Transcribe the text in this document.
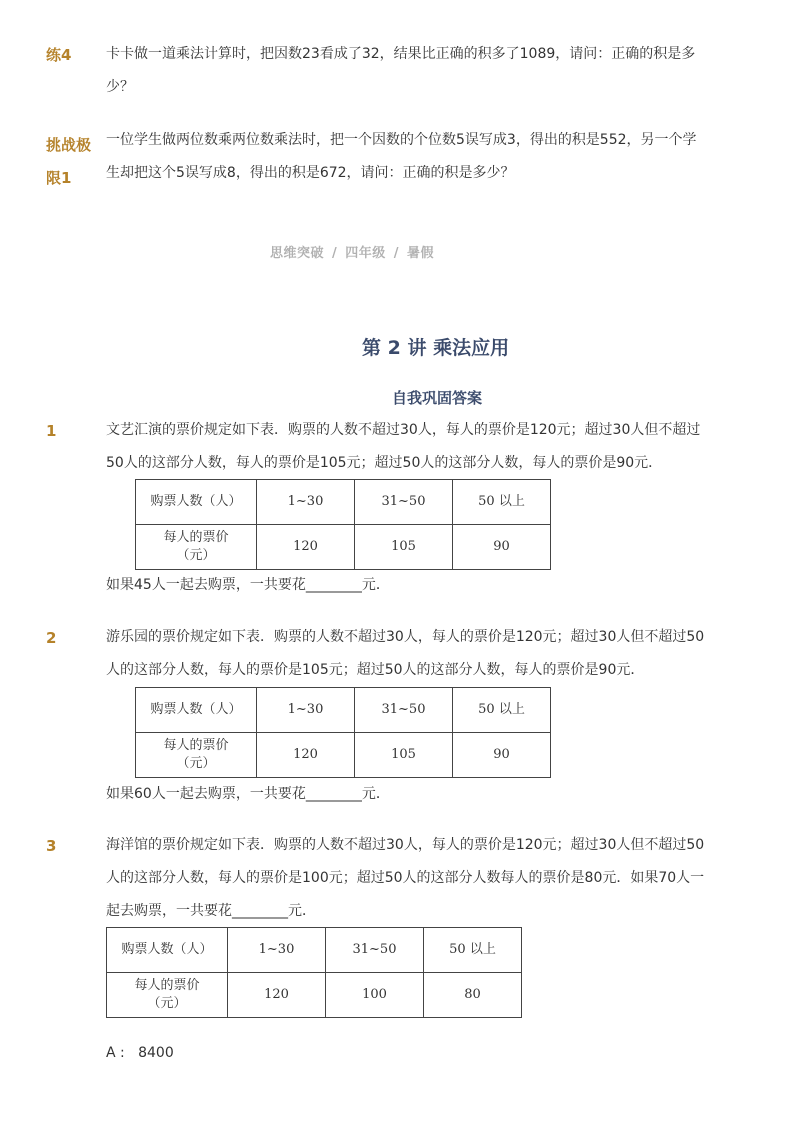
练4 卡卡做一道乘法计算时，把因数23看成了32，结果比正确的积多了1089，请问：正确的积是多
少？
挑战极
限1
一位学生做两位数乘两位数乘法时，把一个因数的个位数5误写成3，得出的积是552，另一个学
生却把这个5误写成8，得出的积是672，请问：正确的积是多少？
思维突破 / 四年级 / 暑假
第 2 讲 乘法应用
自我巩固答案
1	文艺汇演的票价规定如下表．购票的人数不超过30人，每人的票价是120元；超过30人但不超过
50人的这部分人数，每人的票价是105元；超过50人的这部分人数，每人的票价是90元．
购票人数（人）	1~30	31~50	50 以上

每人的票价
（元）	120	105	90
如果45人一起去购票，一共要花________元．
2	游乐园的票价规定如下表．购票的人数不超过30人，每人的票价是120元；超过30人但不超过50
人的这部分人数，每人的票价是105元；超过50人的这部分人数，每人的票价是90元．
购票人数（人）	1~30	31~50	50 以上

每人的票价
（元）	120	105	90
如果60人一起去购票，一共要花________元．
3	海洋馆的票价规定如下表．购票的人数不超过30人，每人的票价是120元；超过30人但不超过50
人的这部分人数，每人的票价是100元；超过50人的这部分人数每人的票价是80元．如果70人一
起去购票，一共要花________元．
购票人数（人）	1~30	31~50	50 以上

每人的票价
（元）	120	100	80
A :   8400
